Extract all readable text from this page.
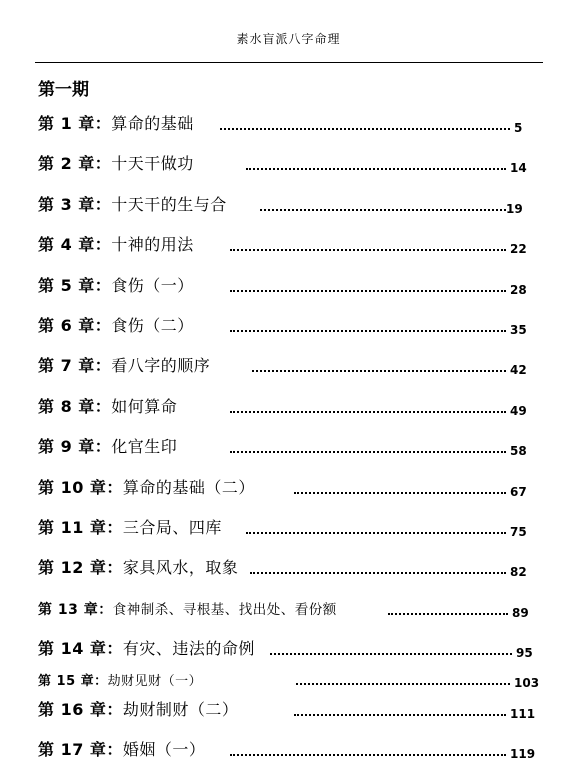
素水盲派八字命理
第一期
第 1 章：算命的基础	5
第 2 章：十天干做功	14
第 3 章：十天干的生与合	19
第 4 章：十神的用法	22
第 5 章：食伤（一）	28
第 6 章：食伤（二）	35
第 7 章：看八字的顺序	42
第 8 章：如何算命	49
第 9 章：化官生印	58
第 10 章：算命的基础（二）	67
第 11 章：三合局、四库	75
第 12 章：家具风水，取象	82
第 13 章：食神制杀、寻根基、找出处、看份额	89
第 14 章：有灾、违法的命例	95
第 15 章：劫财见财（一）	103
第 16 章：劫财制财（二）	111
第 17 章：婚姻（一）	119
